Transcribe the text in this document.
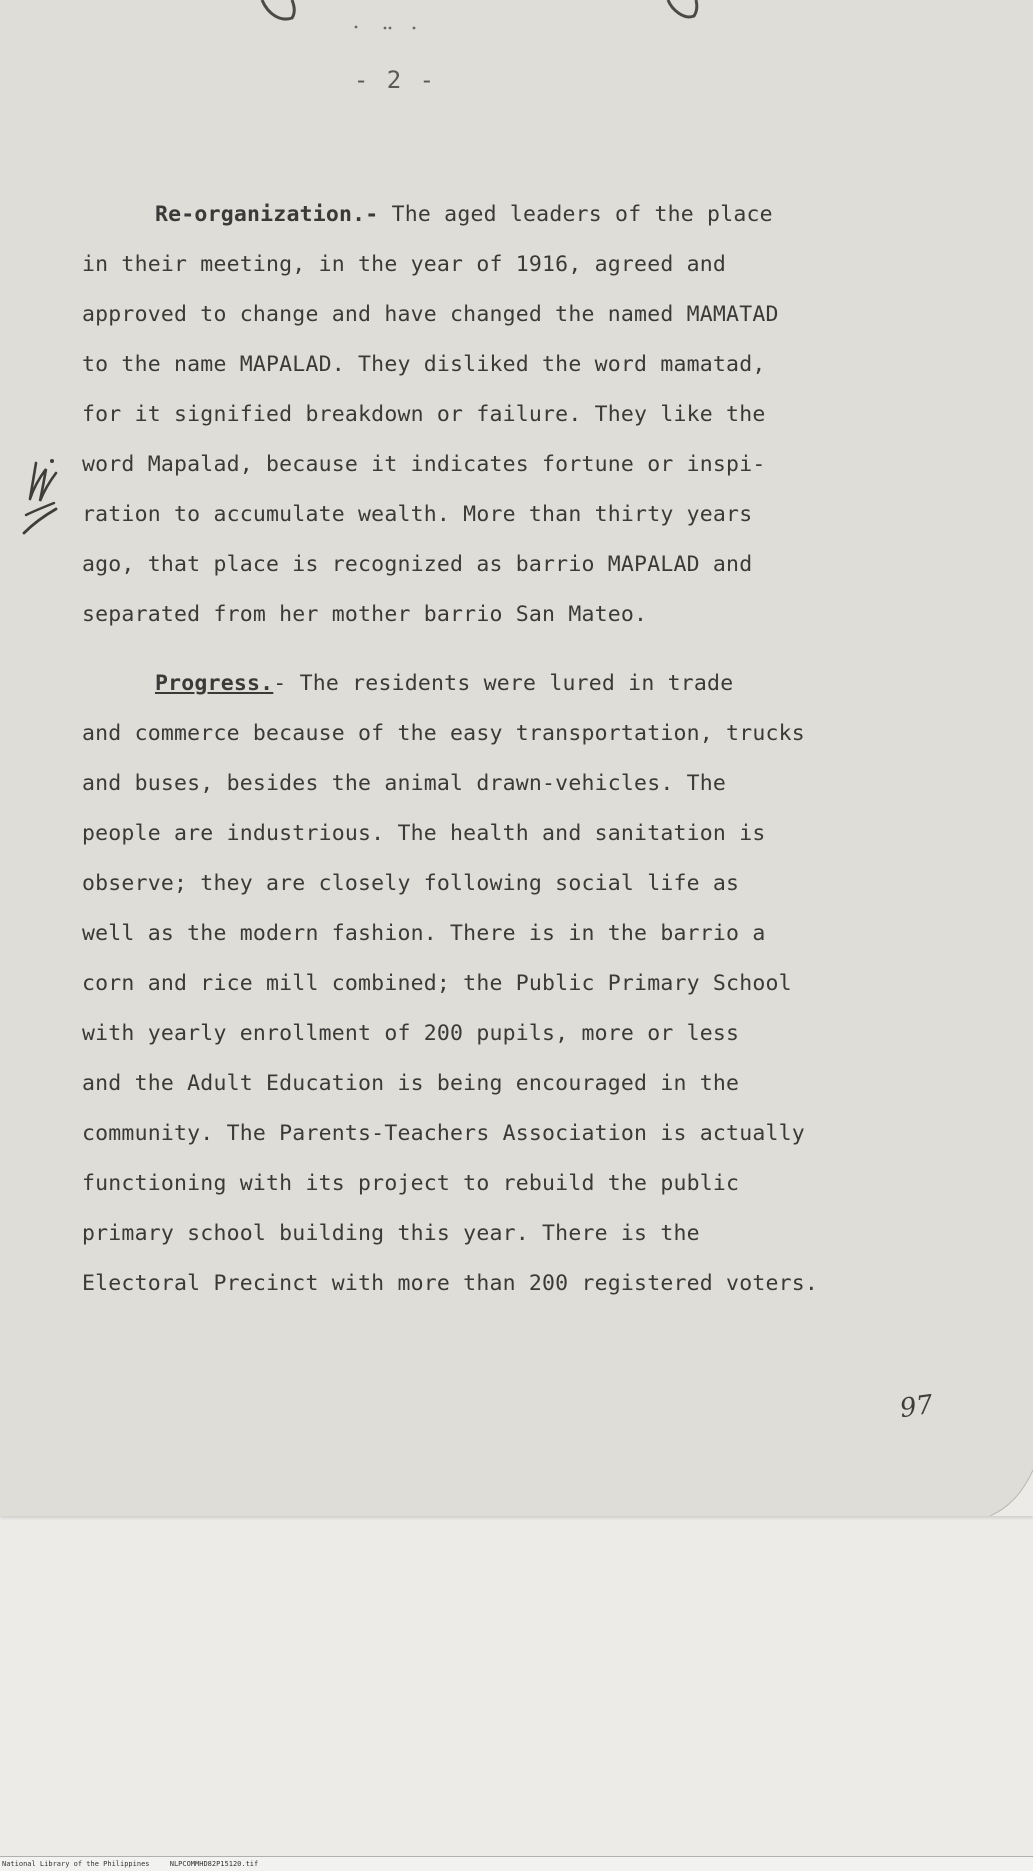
- 2 -

Re-organization.- The aged leaders of the place
in their meeting, in the year of 1916, agreed and
approved to change and have changed the named MAMATAD
to the name MAPALAD. They disliked the word mamatad,
for it signified breakdown or failure. They like the
word Mapalad, because it indicates fortune or inspi-
ration to accumulate wealth. More than thirty years
ago, that place is recognized as barrio MAPALAD and
separated from her mother barrio San Mateo.

Progress.- The residents were lured in trade
and commerce because of the easy transportation, trucks
and buses, besides the animal drawn-vehicles. The
people are industrious. The health and sanitation is
observe; they are closely following social life as
well as the modern fashion. There is in the barrio a
corn and rice mill combined; the Public Primary School
with yearly enrollment of 200 pupils, more or less
and the Adult Education is being encouraged in the
community. The Parents-Teachers Association is actually
functioning with its project to rebuild the public
primary school building this year. There is the
Electoral Precinct with more than 200 registered voters.

97
National Library of the Philippines	NLPCOMMHD82P15120.tif
